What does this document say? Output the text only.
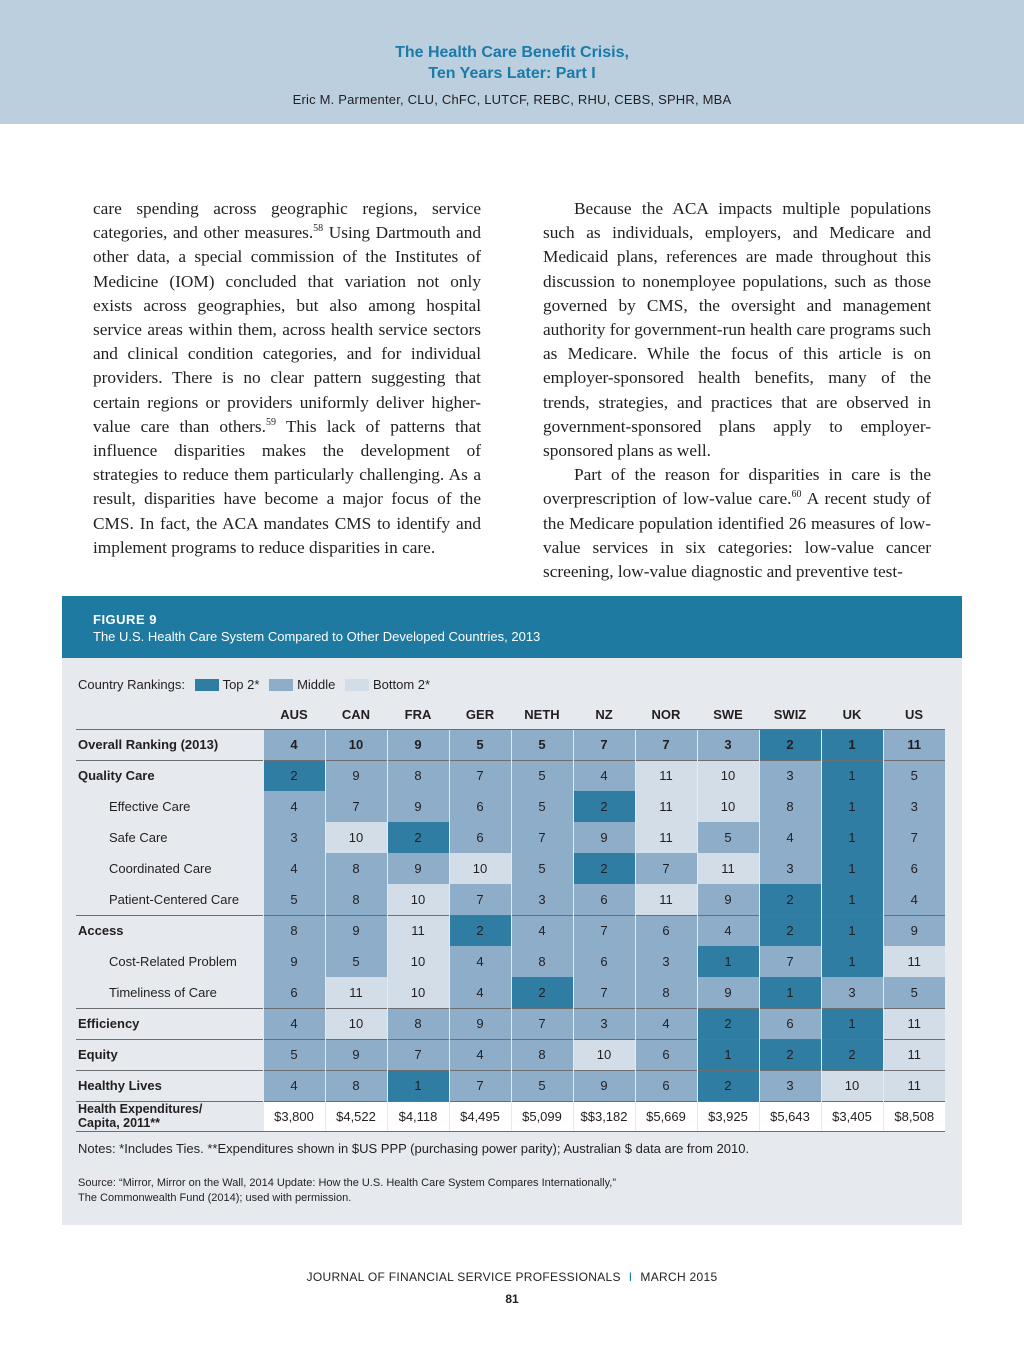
The Health Care Benefit Crisis,
Ten Years Later: Part I
Eric M. Parmenter, CLU, ChFC, LUTCF, REBC, RHU, CEBS, SPHR, MBA

care spending across geographic regions, service categories, and other measures.$^{58}$ Using Dartmouth and other data, a special commission of the Institutes of Medicine (IOM) concluded that variation not only exists across geographies, but also among hospital service areas within them, across health service sectors and clinical condition categories, and for individual providers. There is no clear pattern suggesting that certain regions or providers uniformly deliver higher-value care than others.$^{59}$ This lack of patterns that influence disparities makes the development of strategies to reduce them particularly challenging. As a result, disparities have become a major focus of the CMS. In fact, the ACA mandates CMS to identify and implement programs to reduce disparities in care.

Because the ACA impacts multiple populations such as individuals, employers, and Medicare and Medicaid plans, references are made throughout this discussion to nonemployee populations, such as those governed by CMS, the oversight and management authority for government-run health care programs such as Medicare. While the focus of this article is on employer-sponsored health benefits, many of the trends, strategies, and practices that are observed in government-sponsored plans apply to employer-sponsored plans as well.

Part of the reason for disparities in care is the overprescription of low-value care.$^{60}$ A recent study of the Medicare population identified 26 measures of low-value services in six categories: low-value cancer screening, low-value diagnostic and preventive test-

FIGURE 9
The U.S. Health Care System Compared to Other Developed Countries, 2013
Country Rankings:	Top 2*	Middle	Bottom 2*
	AUS	CAN	FRA	GER	NETH	NZ	NOR	SWE	SWIZ	UK	US
Overall Ranking (2013)	4	10	9	5	5	7	7	3	2	1	11
Quality Care	2	9	8	7	5	4	11	10	3	1	5
Effective Care	4	7	9	6	5	2	11	10	8	1	3
Safe Care	3	10	2	6	7	9	11	5	4	1	7
Coordinated Care	4	8	9	10	5	2	7	11	3	1	6
Patient-Centered Care	5	8	10	7	3	6	11	9	2	1	4
Access	8	9	11	2	4	7	6	4	2	1	9
Cost-Related Problem	9	5	10	4	8	6	3	1	7	1	11
Timeliness of Care	6	11	10	4	2	7	8	9	1	3	5
Efficiency	4	10	8	9	7	3	4	2	6	1	11
Equity	5	9	7	4	8	10	6	1	2	2	11
Healthy Lives	4	8	1	7	5	9	6	2	3	10	11

Health Expenditures/
Capita, 2011**	$3,800	$4,522	$4,118	$4,495	$5,099	$$3,182	$5,669	$3,925	$5,643	$3,405	$8,508
Notes: *Includes Ties. **Expenditures shown in $US PPP (purchasing power parity); Australian $ data are from 2010.
Source: “Mirror, Mirror on the Wall, 2014 Update: How the U.S. Health Care System Compares Internationally,”
The Commonwealth Fund (2014); used with permission.
JOURNAL OF FINANCIAL SERVICE PROFESSIONALS I MARCH 2015
81
